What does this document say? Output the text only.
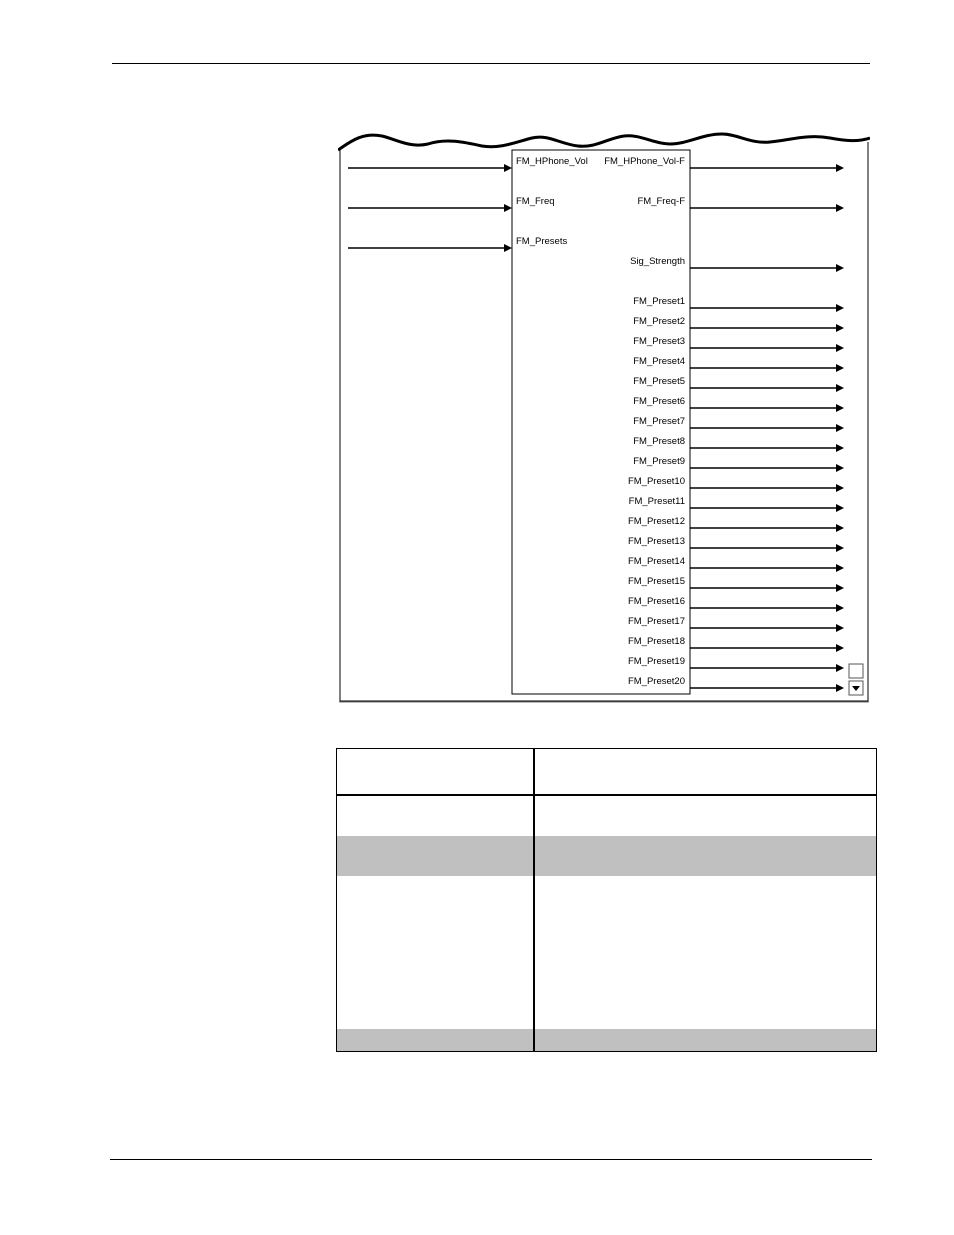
FM_HPhone_Vol
FM_Freq
FM_Presets
FM_HPhone_Vol-F
FM_Freq-F
Sig_Strength
FM_Preset1
FM_Preset2
FM_Preset3
FM_Preset4
FM_Preset5
FM_Preset6
FM_Preset7
FM_Preset8
FM_Preset9
FM_Preset10
FM_Preset11
FM_Preset12
FM_Preset13
FM_Preset14
FM_Preset15
FM_Preset16
FM_Preset17
FM_Preset18
FM_Preset19
FM_Preset20
